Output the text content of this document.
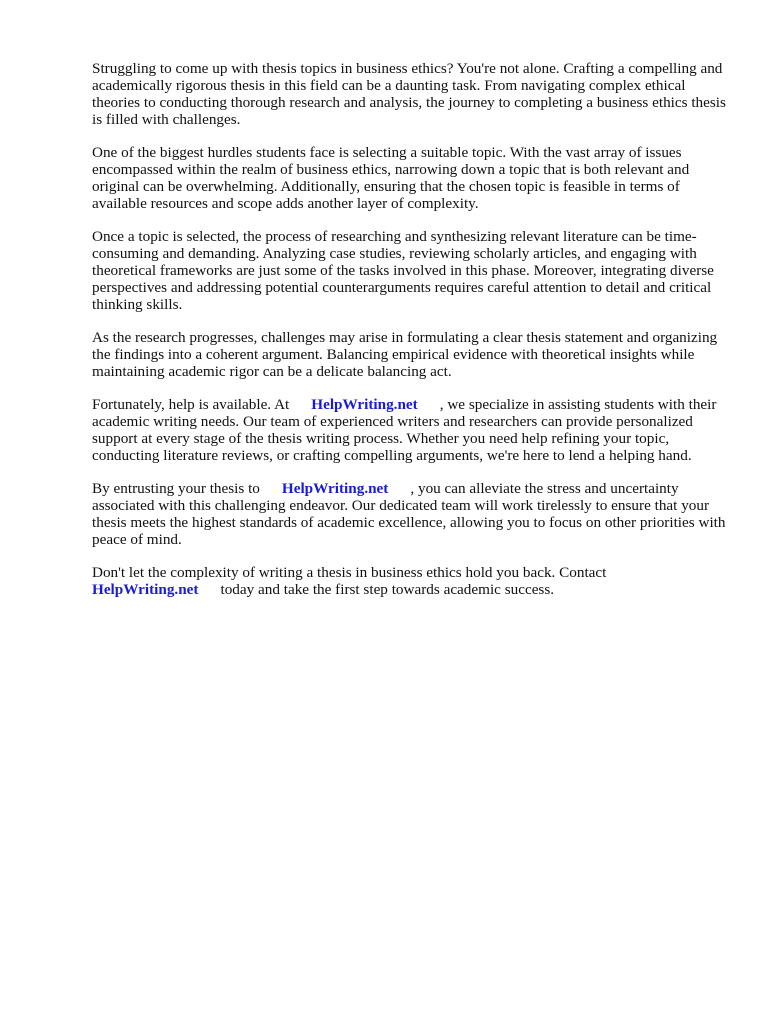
Struggling to come up with thesis topics in business ethics? You're not alone. Crafting a compelling and academically rigorous thesis in this field can be a daunting task. From navigating complex ethical theories to conducting thorough research and analysis, the journey to completing a business ethics thesis is filled with challenges.

One of the biggest hurdles students face is selecting a suitable topic. With the vast array of issues encompassed within the realm of business ethics, narrowing down a topic that is both relevant and original can be overwhelming. Additionally, ensuring that the chosen topic is feasible in terms of available resources and scope adds another layer of complexity.

Once a topic is selected, the process of researching and synthesizing relevant literature can be time-consuming and demanding. Analyzing case studies, reviewing scholarly articles, and engaging with theoretical frameworks are just some of the tasks involved in this phase. Moreover, integrating diverse perspectives and addressing potential counterarguments requires careful attention to detail and critical thinking skills.

As the research progresses, challenges may arise in formulating a clear thesis statement and organizing the findings into a coherent argument. Balancing empirical evidence with theoretical insights while maintaining academic rigor can be a delicate balancing act.

Fortunately, help is available. At HelpWriting.net , we specialize in assisting students with their academic writing needs. Our team of experienced writers and researchers can provide personalized support at every stage of the thesis writing process. Whether you need help refining your topic, conducting literature reviews, or crafting compelling arguments, we're here to lend a helping hand.

By entrusting your thesis to HelpWriting.net , you can alleviate the stress and uncertainty associated with this challenging endeavor. Our dedicated team will work tirelessly to ensure that your thesis meets the highest standards of academic excellence, allowing you to focus on other priorities with peace of mind.

Don't let the complexity of writing a thesis in business ethics hold you back. Contact HelpWriting.net today and take the first step towards academic success.
